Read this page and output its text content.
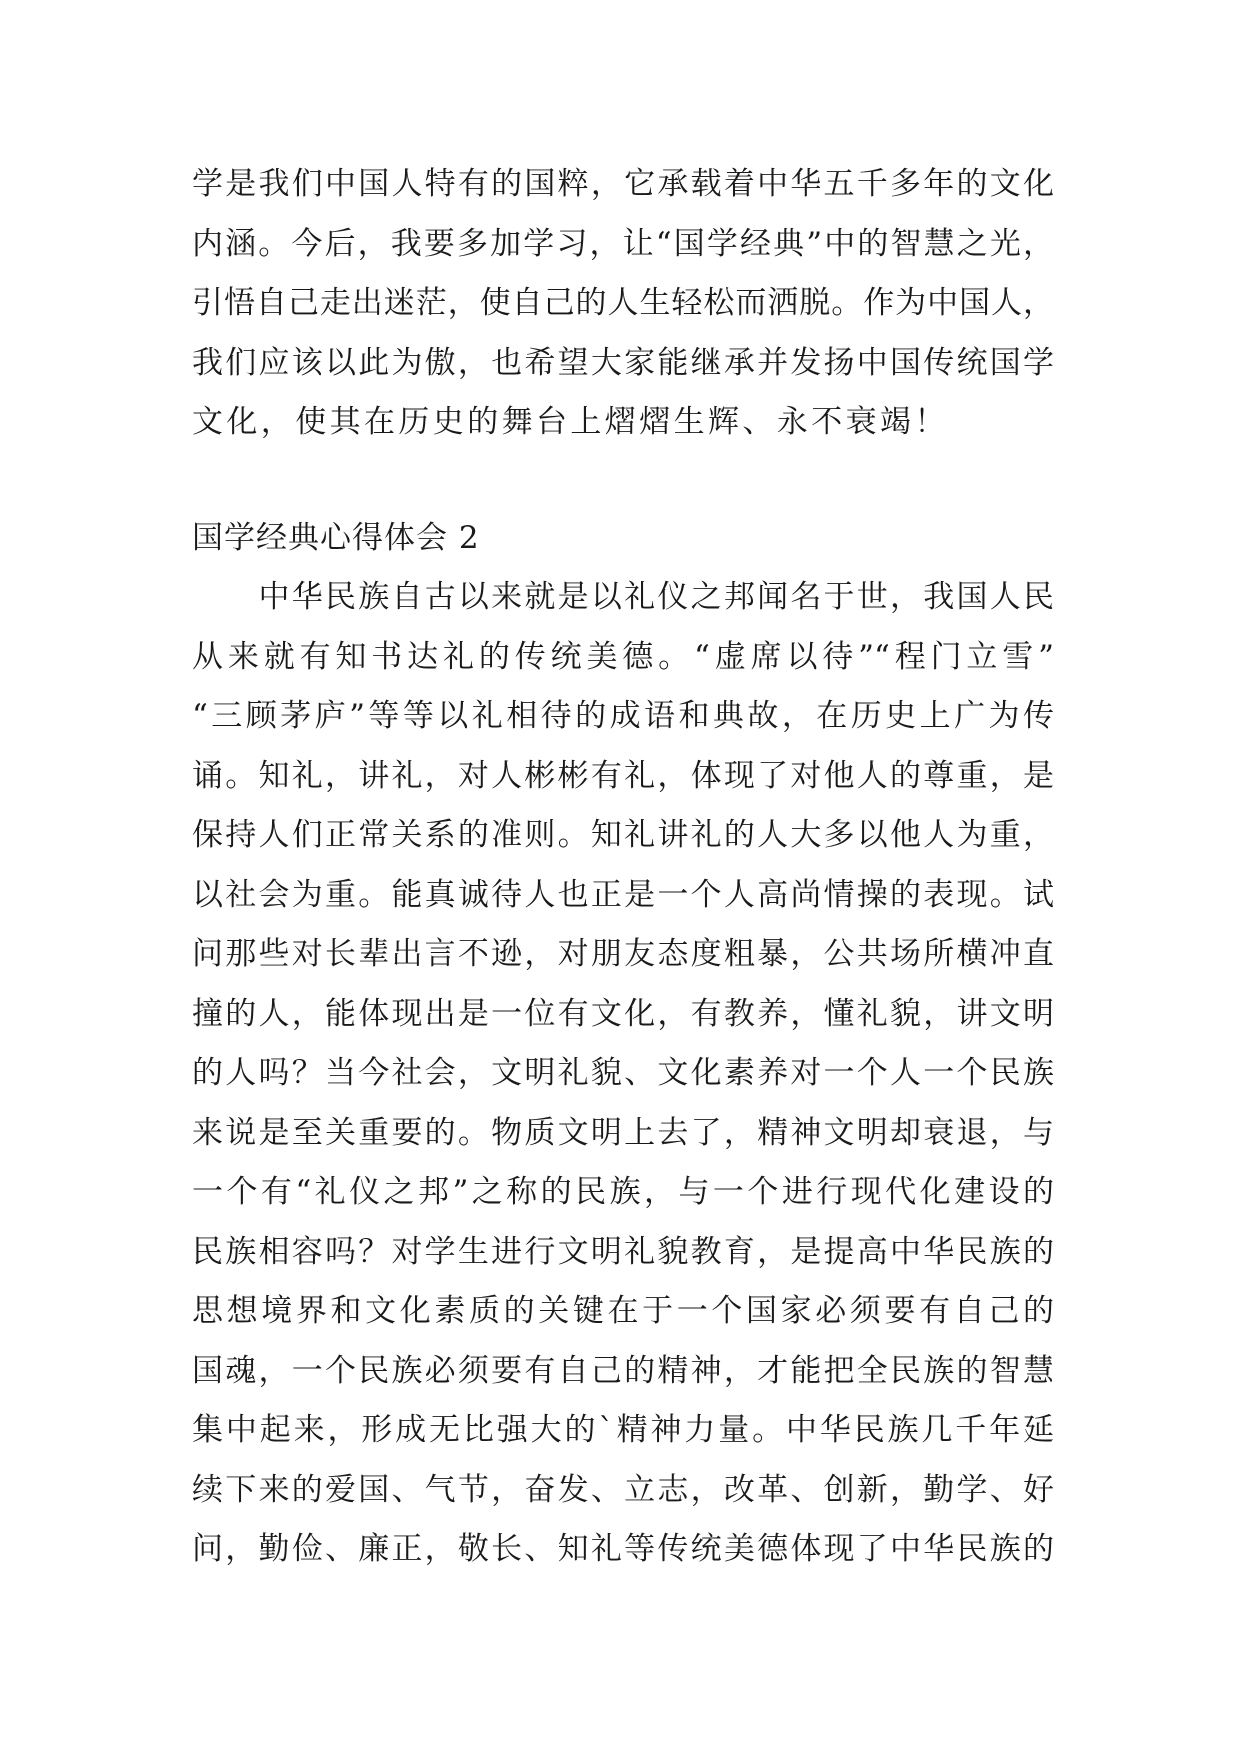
学是我们中国人特有的国粹，它承载着中华五千多年的文化
内涵。今后，我要多加学习，让“国学经典”中的智慧之光，
引悟自己走出迷茫，使自己的人生轻松而洒脱。作为中国人，
我们应该以此为傲，也希望大家能继承并发扬中国传统国学
文化，使其在历史的舞台上熠熠生辉、永不衰竭！
国学经典心得体会 2
　　中华民族自古以来就是以礼仪之邦闻名于世，我国人民
从来就有知书达礼的传统美德。“虚席以待”“程门立雪”
“三顾茅庐”等等以礼相待的成语和典故，在历史上广为传
诵。知礼，讲礼，对人彬彬有礼，体现了对他人的尊重，是
保持人们正常关系的准则。知礼讲礼的人大多以他人为重，
以社会为重。能真诚待人也正是一个人高尚情操的表现。试
问那些对长辈出言不逊，对朋友态度粗暴，公共场所横冲直
撞的人，能体现出是一位有文化，有教养，懂礼貌，讲文明
的人吗？当今社会，文明礼貌、文化素养对一个人一个民族
来说是至关重要的。物质文明上去了，精神文明却衰退，与
一个有“礼仪之邦”之称的民族，与一个进行现代化建设的
民族相容吗？对学生进行文明礼貌教育，是提高中华民族的
思想境界和文化素质的关键在于一个国家必须要有自己的
国魂，一个民族必须要有自己的精神，才能把全民族的智慧
集中起来，形成无比强大的`精神力量。中华民族几千年延
续下来的爱国、气节，奋发、立志，改革、创新，勤学、好
问，勤俭、廉正，敬长、知礼等传统美德体现了中华民族的
